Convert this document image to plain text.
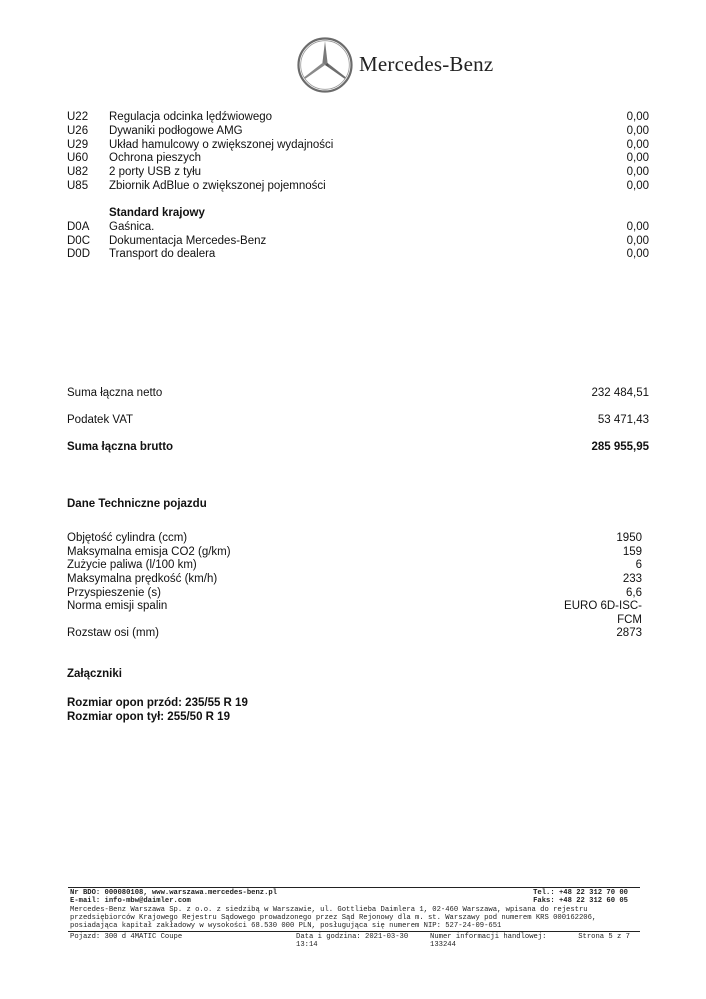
Mercedes-Benz
U22 Regulacja odcinka lędźwiowego	0,00
U26 Dywaniki podłogowe AMG	0,00
U29 Układ hamulcowy o zwiększonej wydajności	0,00
U60 Ochrona pieszych	0,00
U82 2 porty USB z tyłu	0,00
U85 Zbiornik AdBlue o zwiększonej pojemności	0,00
Standard krajowy
D0A Gaśnica.	0,00
D0C Dokumentacja Mercedes-Benz	0,00
D0D Transport do dealera	0,00
Suma łączna netto	232 484,51
Podatek VAT	53 471,43
Suma łączna brutto	285 955,95
Dane Techniczne pojazdu
Objętość cylindra (ccm)	1950
Maksymalna emisja CO2 (g/km)	159
Zużycie paliwa (l/100 km)	6
Maksymalna prędkość (km/h)	233
Przyspieszenie (s)	6,6
Norma emisji spalin	EURO 6D-ISC-
FCM
Rozstaw osi (mm)	2873
Załączniki
Rozmiar opon przód: 235/55 R 19
Rozmiar opon tył: 255/50 R 19
Nr BDO: 000080108, www.warszawa.mercedes-benz.pl	Tel.: +48 22 312 70 00
E-mail: info-mbw@daimler.com	Faks: +48 22 312 60 05
Mercedes-Benz Warszawa Sp. z o.o. z siedzibą w Warszawie, ul. Gottlieba Daimlera 1, 02-460 Warszawa, wpisana do rejestru
przedsiębiorców Krajowego Rejestru Sądowego prowadzonego przez Sąd Rejonowy dla m. st. Warszawy pod numerem KRS 000162206,
posiadająca kapitał zakładowy w wysokości 68.530 000 PLN, posługująca się numerem NIP: 527-24-09-651
Pojazd: 300 d 4MATIC Coupe	Data i godzina: 2021-03-30
13:14
Numer informacji handlowej:
133244
Strona 5 z 7
